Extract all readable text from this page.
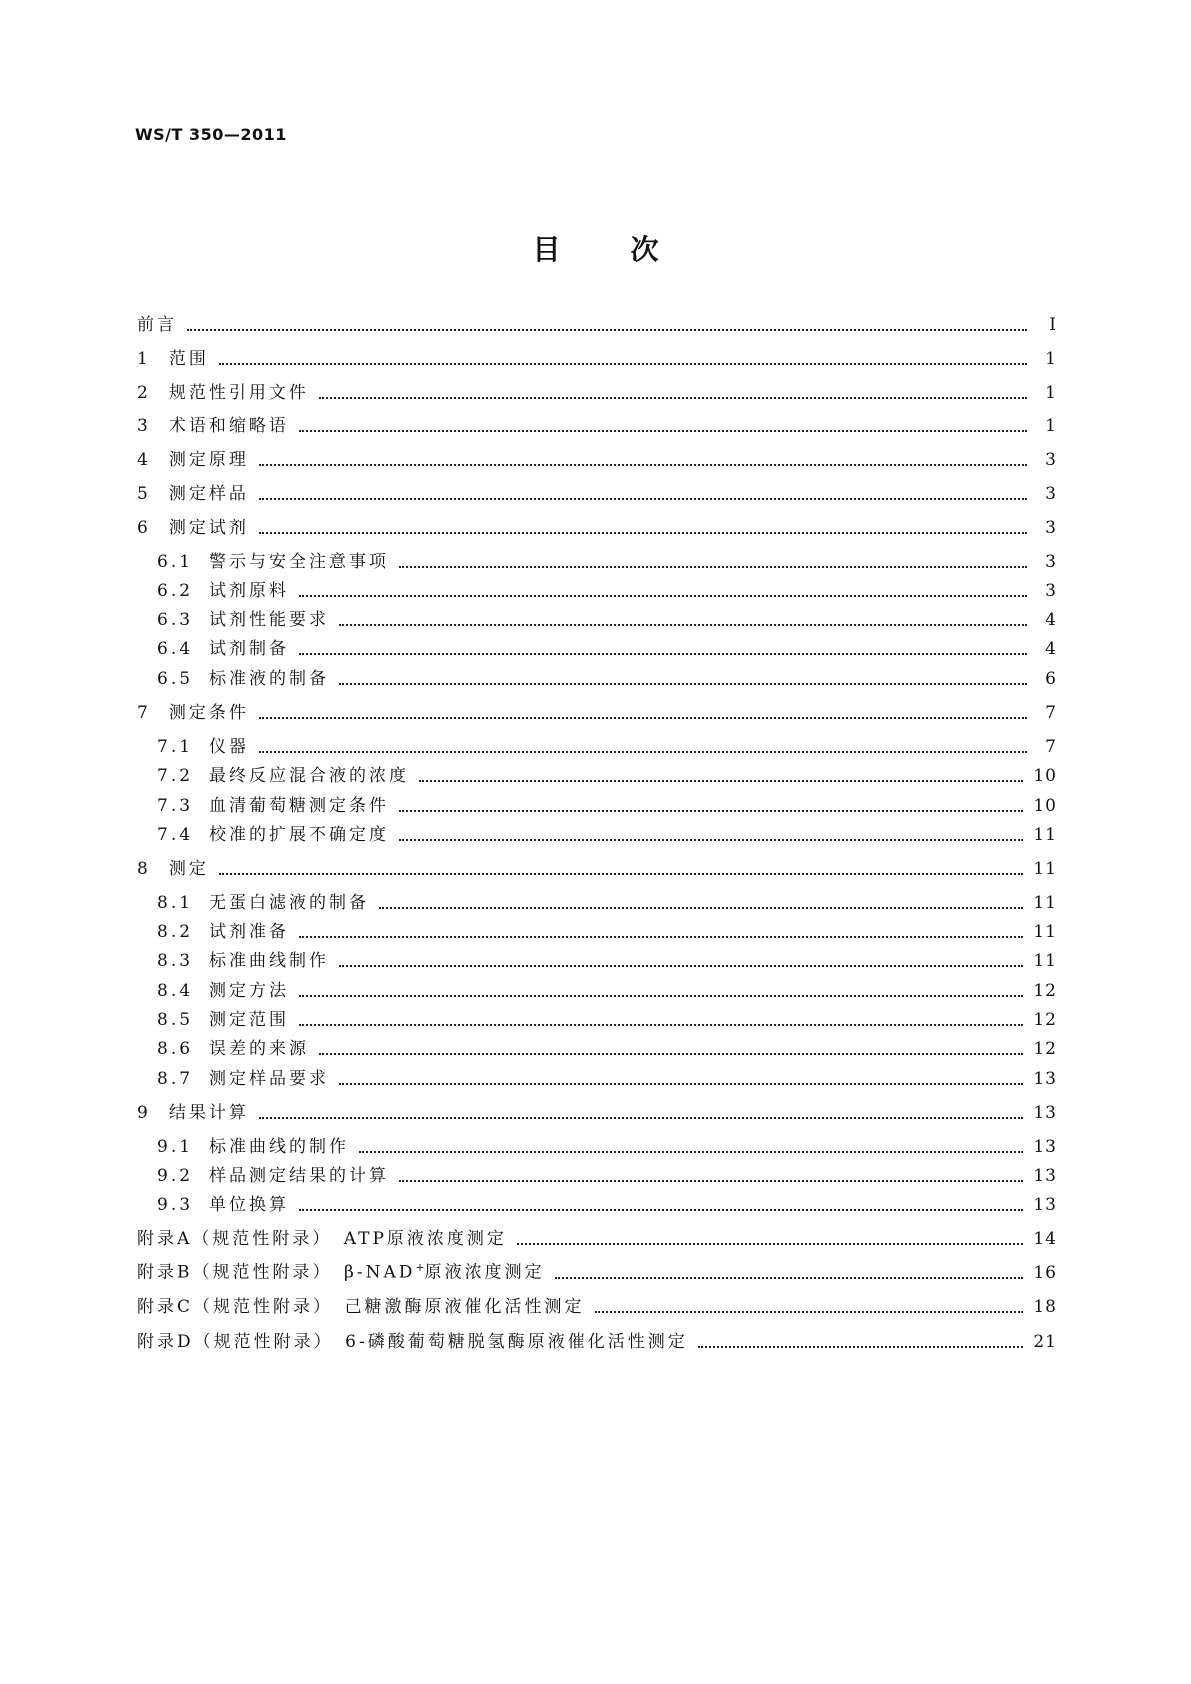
WS/T 350—2011
目	次
前言	Ⅰ
1 范围	1
2 规范性引用文件	1
3 术语和缩略语	1
4 测定原理	3
5 测定样品	3
6 测定试剂	3
6.1 警示与安全注意事项	3
6.2 试剂原料	3
6.3 试剂性能要求	4
6.4 试剂制备	4
6.5 标准液的制备	6
7 测定条件	7
7.1 仪器	7
7.2 最终反应混合液的浓度	10
7.3 血清葡萄糖测定条件	10
7.4 校准的扩展不确定度	11
8 测定	11
8.1 无蛋白滤液的制备	11
8.2 试剂准备	11
8.3 标准曲线制作	11
8.4 测定方法	12
8.5 测定范围	12
8.6 误差的来源	12
8.7 测定样品要求	13
9 结果计算	13
9.1 标准曲线的制作	13
9.2 样品测定结果的计算	13
9.3 单位换算	13
附录A（规范性附录）　ATP原液浓度测定	14
附录B（规范性附录）　β-NAD+原液浓度测定	16
附录C（规范性附录）　己糖激酶原液催化活性测定	18
附录D（规范性附录）　6-磷酸葡萄糖脱氢酶原液催化活性测定	21
